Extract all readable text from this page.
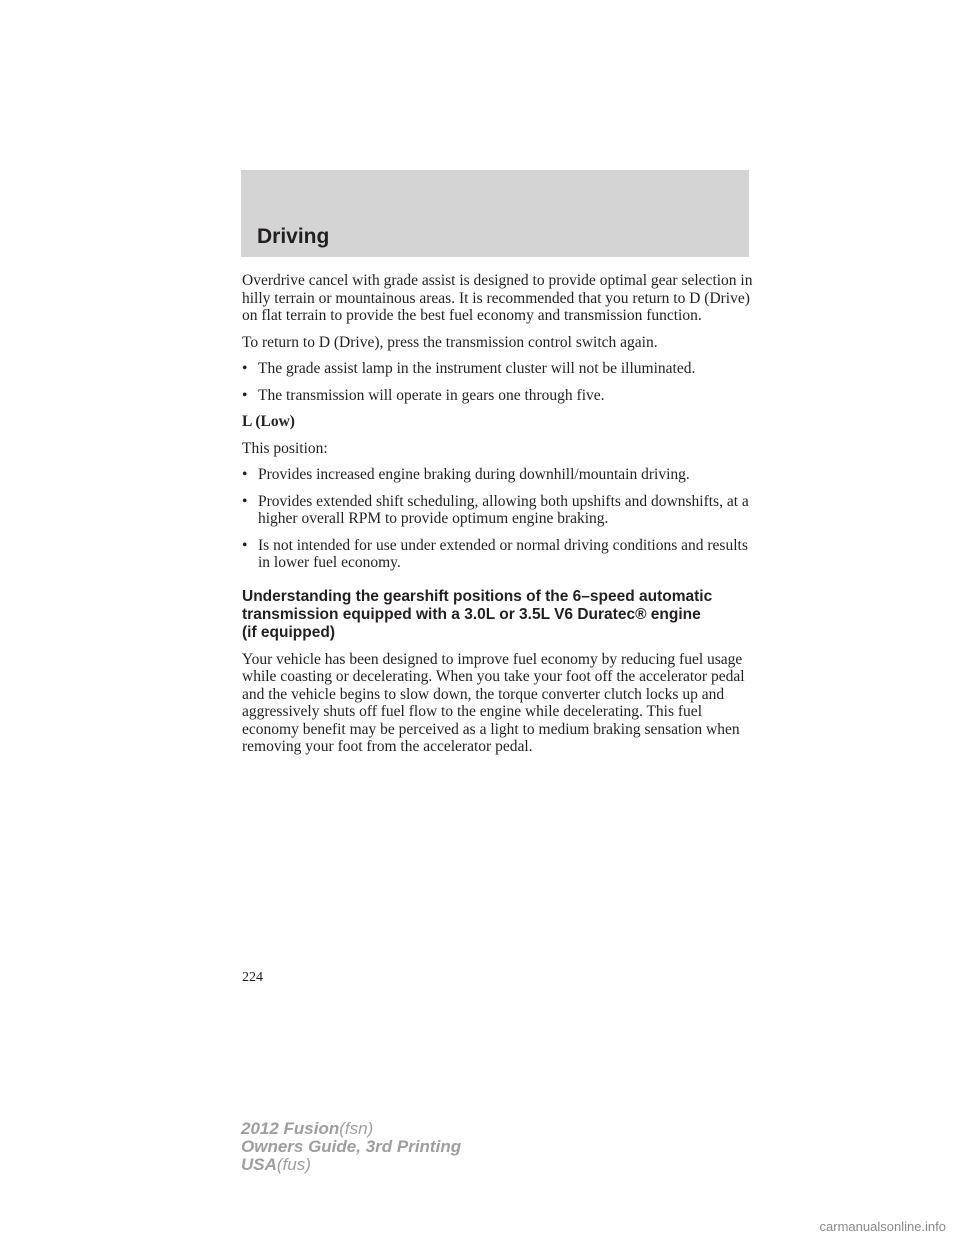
Driving

Overdrive cancel with grade assist is designed to provide optimal gear selection in hilly terrain or mountainous areas. It is recommended that you return to D (Drive) on flat terrain to provide the best fuel economy and transmission function.

To return to D (Drive), press the transmission control switch again.

• The grade assist lamp in the instrument cluster will not be illuminated.
• The transmission will operate in gears one through five.

L (Low)

This position:

• Provides increased engine braking during downhill/mountain driving.
• Provides extended shift scheduling, allowing both upshifts and downshifts, at a higher overall RPM to provide optimum engine braking.
• Is not intended for use under extended or normal driving conditions and results in lower fuel economy.
Understanding the gearshift positions of the 6–speed automatic
transmission equipped with a 3.0L or 3.5L V6 Duratec® engine
(if equipped)

Your vehicle has been designed to improve fuel economy by reducing fuel usage while coasting or decelerating. When you take your foot off the accelerator pedal and the vehicle begins to slow down, the torque converter clutch locks up and aggressively shuts off fuel flow to the engine while decelerating. This fuel economy benefit may be perceived as a light to medium braking sensation when removing your foot from the accelerator pedal.

224
2012 Fusion(fsn)
Owners Guide, 3rd Printing
USA(fus)
carmanualsonline.info
